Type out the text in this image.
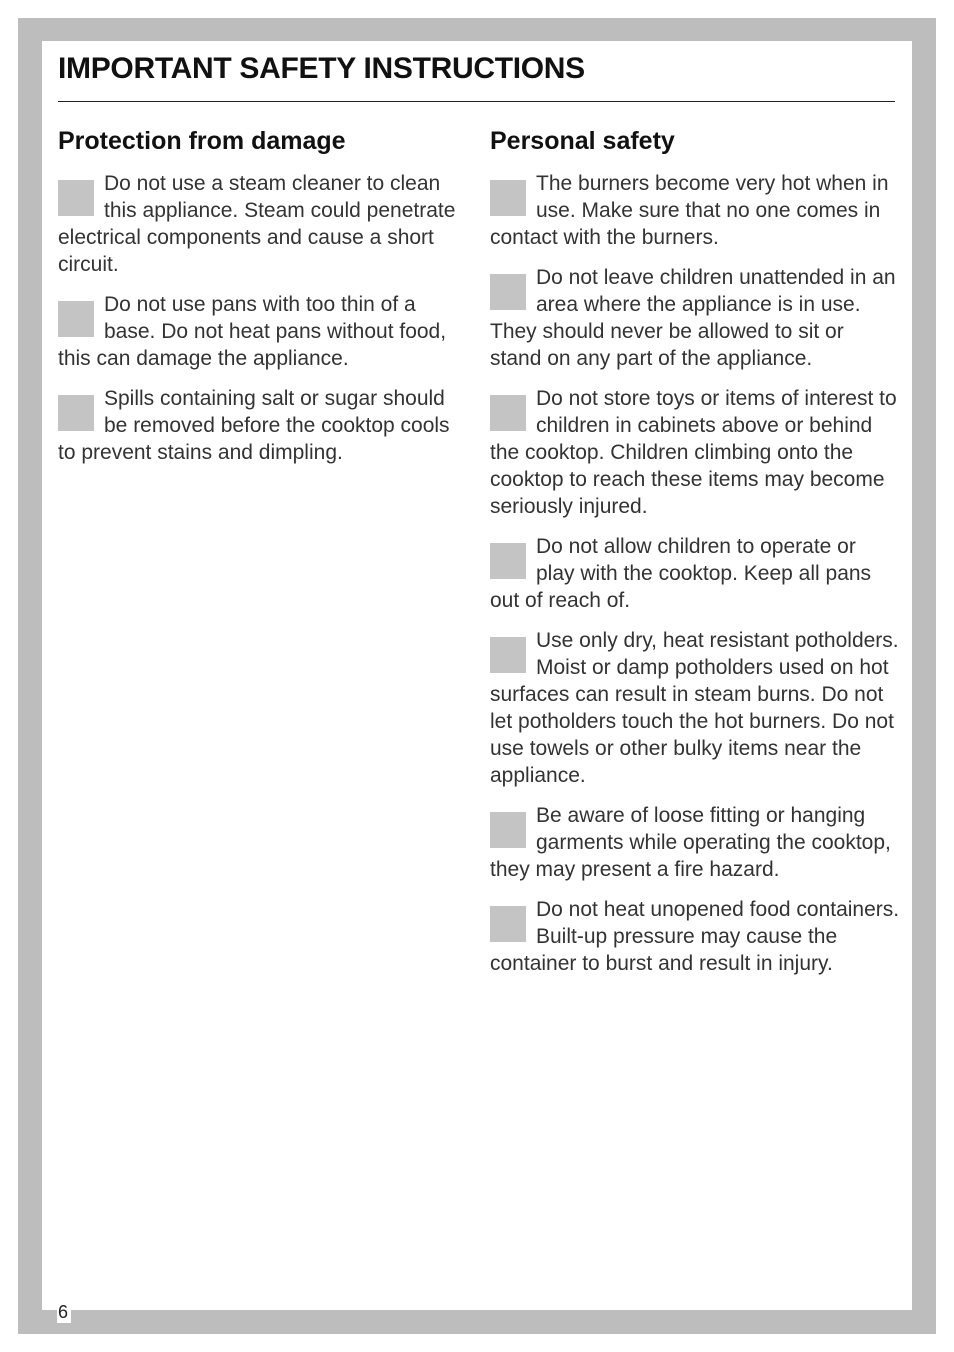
IMPORTANT SAFETY INSTRUCTIONS
Protection from damage
Do not use a steam cleaner to clean this appliance. Steam could penetrate electrical components and cause a short circuit.
Do not use pans with too thin of a base. Do not heat pans without food, this can damage the appliance.
Spills containing salt or sugar should be removed before the cooktop cools to prevent stains and dimpling.
Personal safety
The burners become very hot when in use. Make sure that no one comes in contact with the burners.
Do not leave children unattended in an area where the appliance is in use. They should never be allowed to sit or stand on any part of the appliance.
Do not store toys or items of interest to children in cabinets above or behind the cooktop. Children climbing onto the cooktop to reach these items may become seriously injured.
Do not allow children to operate or play with the cooktop. Keep all pans out of reach of.
Use only dry, heat resistant potholders. Moist or damp potholders used on hot surfaces can result in steam burns. Do not let potholders touch the hot burners. Do not use towels or other bulky items near the appliance.
Be aware of loose fitting or hanging garments while operating the cooktop, they may present a fire hazard.
Do not heat unopened food containers. Built-up pressure may cause the container to burst and result in injury.
6
